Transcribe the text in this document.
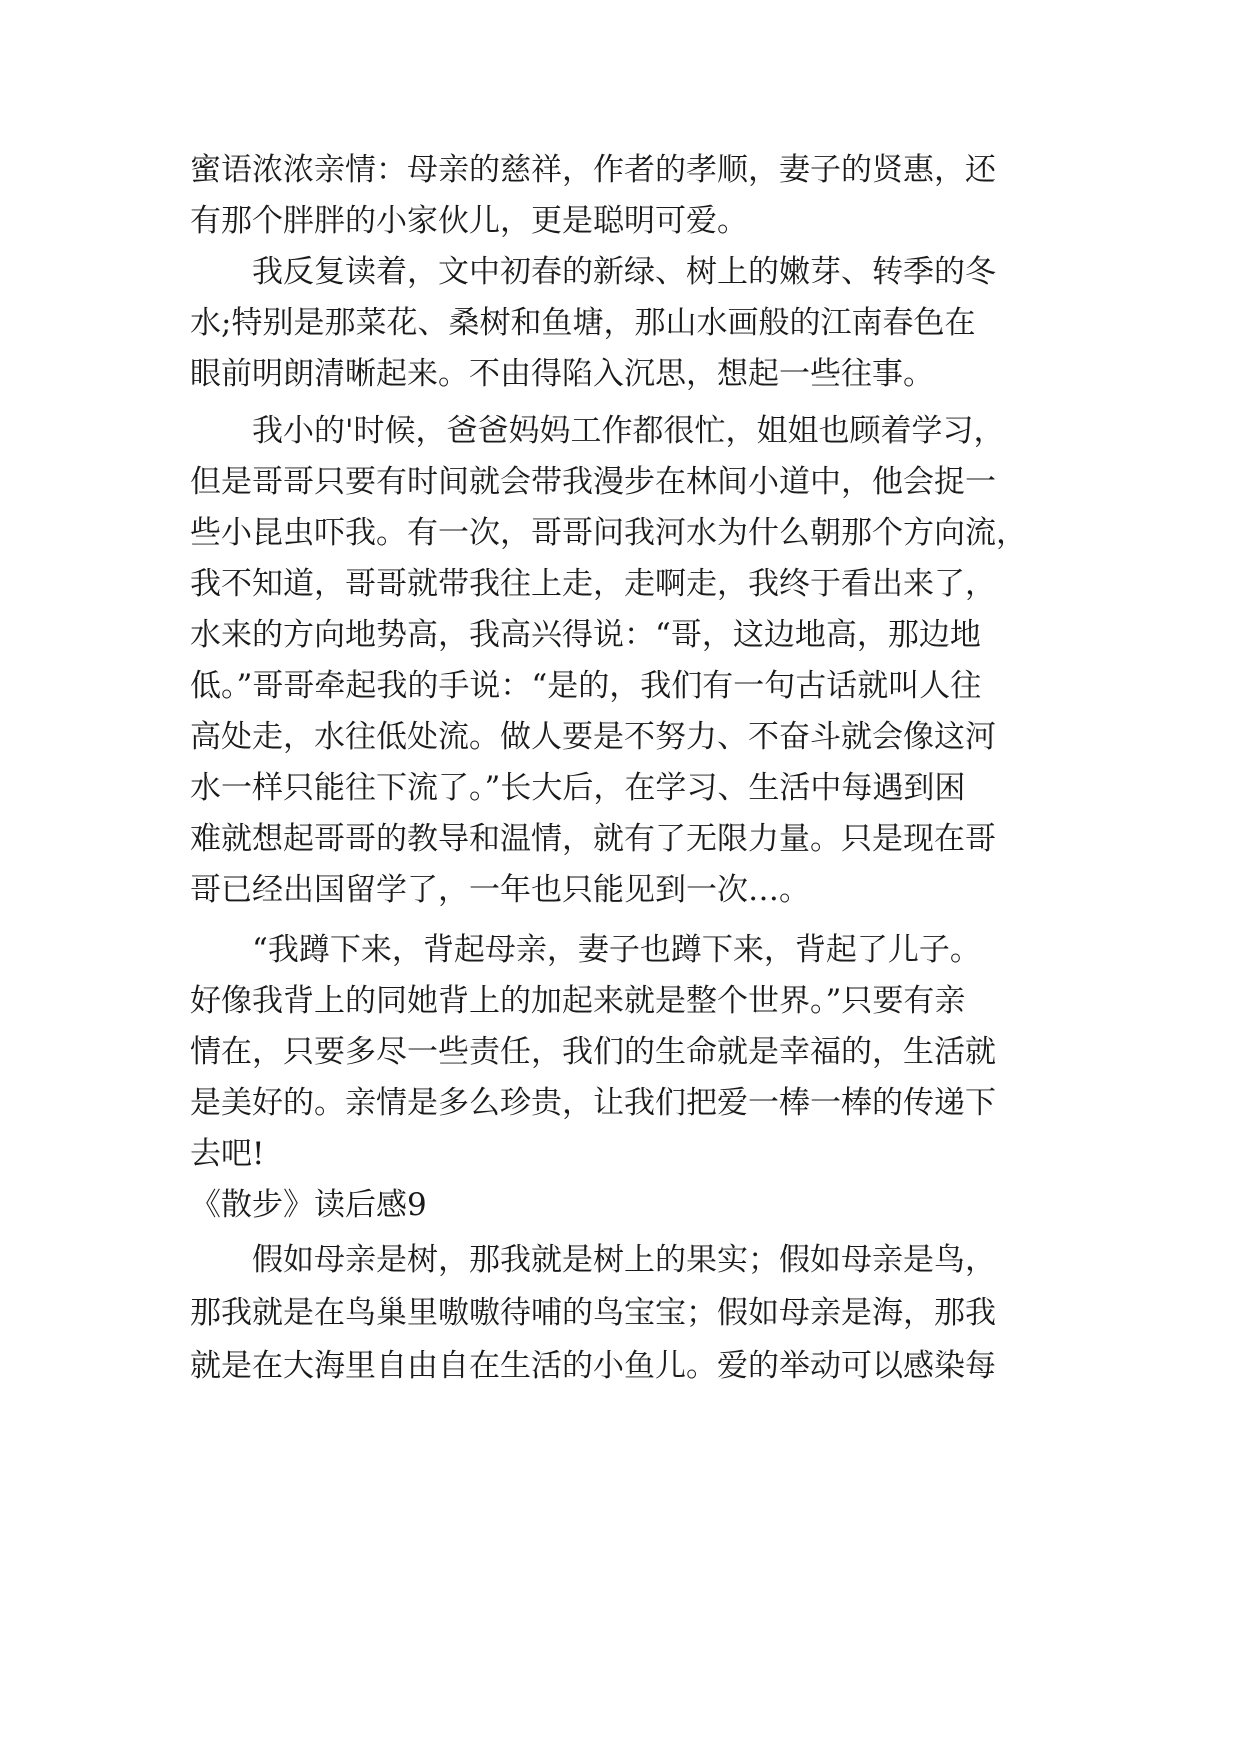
蜜语浓浓亲情：母亲的慈祥，作者的孝顺，妻子的贤惠，还
有那个胖胖的小家伙儿，更是聪明可爱。
我反复读着，文中初春的新绿、树上的嫩芽、转季的冬
水;特别是那菜花、桑树和鱼塘，那山水画般的江南春色在
眼前明朗清晰起来。不由得陷入沉思，想起一些往事。
我小的'时候，爸爸妈妈工作都很忙，姐姐也顾着学习，
但是哥哥只要有时间就会带我漫步在林间小道中，他会捉一
些小昆虫吓我。有一次，哥哥问我河水为什么朝那个方向流，
我不知道，哥哥就带我往上走，走啊走，我终于看出来了，
水来的方向地势高，我高兴得说：“哥，这边地高，那边地
低。”哥哥牵起我的手说：“是的，我们有一句古话就叫人往
高处走，水往低处流。做人要是不努力、不奋斗就会像这河
水一样只能往下流了。”长大后，在学习、生活中每遇到困
难就想起哥哥的教导和温情，就有了无限力量。只是现在哥
哥已经出国留学了，一年也只能见到一次…。
“我蹲下来，背起母亲，妻子也蹲下来，背起了儿子。
好像我背上的同她背上的加起来就是整个世界。”只要有亲
情在，只要多尽一些责任，我们的生命就是幸福的，生活就
是美好的。亲情是多么珍贵，让我们把爱一棒一棒的传递下
去吧!
《散步》读后感9
假如母亲是树，那我就是树上的果实；假如母亲是鸟，
那我就是在鸟巢里嗷嗷待哺的鸟宝宝；假如母亲是海，那我
就是在大海里自由自在生活的小鱼儿。爱的举动可以感染每
